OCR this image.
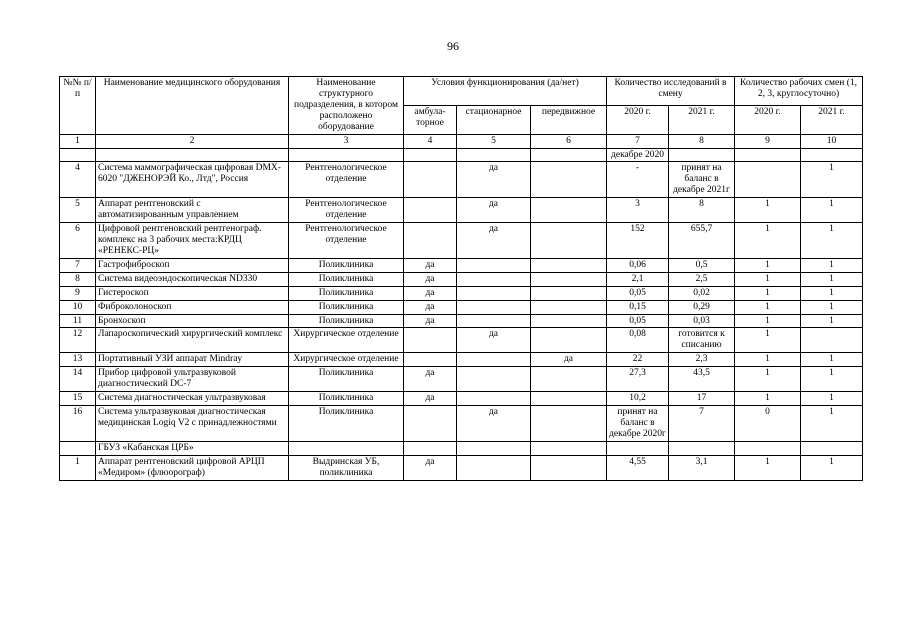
96
№№ п/п	Наименование медицинского оборудования	Наименование структурного подразделения, в котором расположено оборудование	Условия функционирования (да/нет)			Количество исследований в смену		Количество рабочих смен (1, 2, 3, круглосуточно)	
			амбула-торное	стационарное	передвижное	2020 г.	2021 г.	2020 г.	2021 г.
1	2	3	4	5	6	7	8	9	10
						декабре 2020			
4	Система маммографическая цифровая DMX-6020 "ДЖЕНОРЭЙ Ко., Лтд", Россия	Рентгенологическое отделение		да		-	принят на баланс в декабре 2021г		1
5	Аппарат рентгеновский с автоматизированным управлением	Рентгенологическое отделение		да		3	8	1	1
6	Цифровой рентгеновский рентгенограф. комплекс на 3 рабочих места:КРДЦ «РЕНЕКС-РЦ»	Рентгенологическое отделение		да		152	655,7	1	1
7	Гастрофиброскоп	Поликлиника	да			0,06	0,5	1	1
8	Система видеоэндоскопическая ND330	Поликлиника	да			2,1	2,5	1	1
9	Гистероскоп	Поликлиника	да			0,05	0,02	1	1
10	Фиброколоноскоп	Поликлиника	да			0,15	0,29	1	1
11	Бронхоскоп	Поликлиника	да			0,05	0,03	1	1
12	Лапароскопический хирургический комплекс	Хирургическое отделение		да		0,08	готовится к списанию	1	
13	Портативный УЗИ аппарат Mindray	Хирургическое отделение			да	22	2,3	1	1
14	Прибор цифровой ультразвуковой диагностический DC-7	Поликлиника	да			27,3	43,5	1	1
15	Система диагностическая ультразвуковая	Поликлиника	да			10,2	17	1	1
16	Система ультразвуковая диагностическая медицинская Logiq V2 с принадлежностями	Поликлиника		да		принят на баланс в декабре 2020г	7	0	1
	ГБУЗ «Кабанская ЦРБ»								
1	Аппарат рентгеновский цифровой АРЦП «Медиром» (флюорограф)	Выдринская УБ, поликлиника	да			4,55	3,1	1	1
